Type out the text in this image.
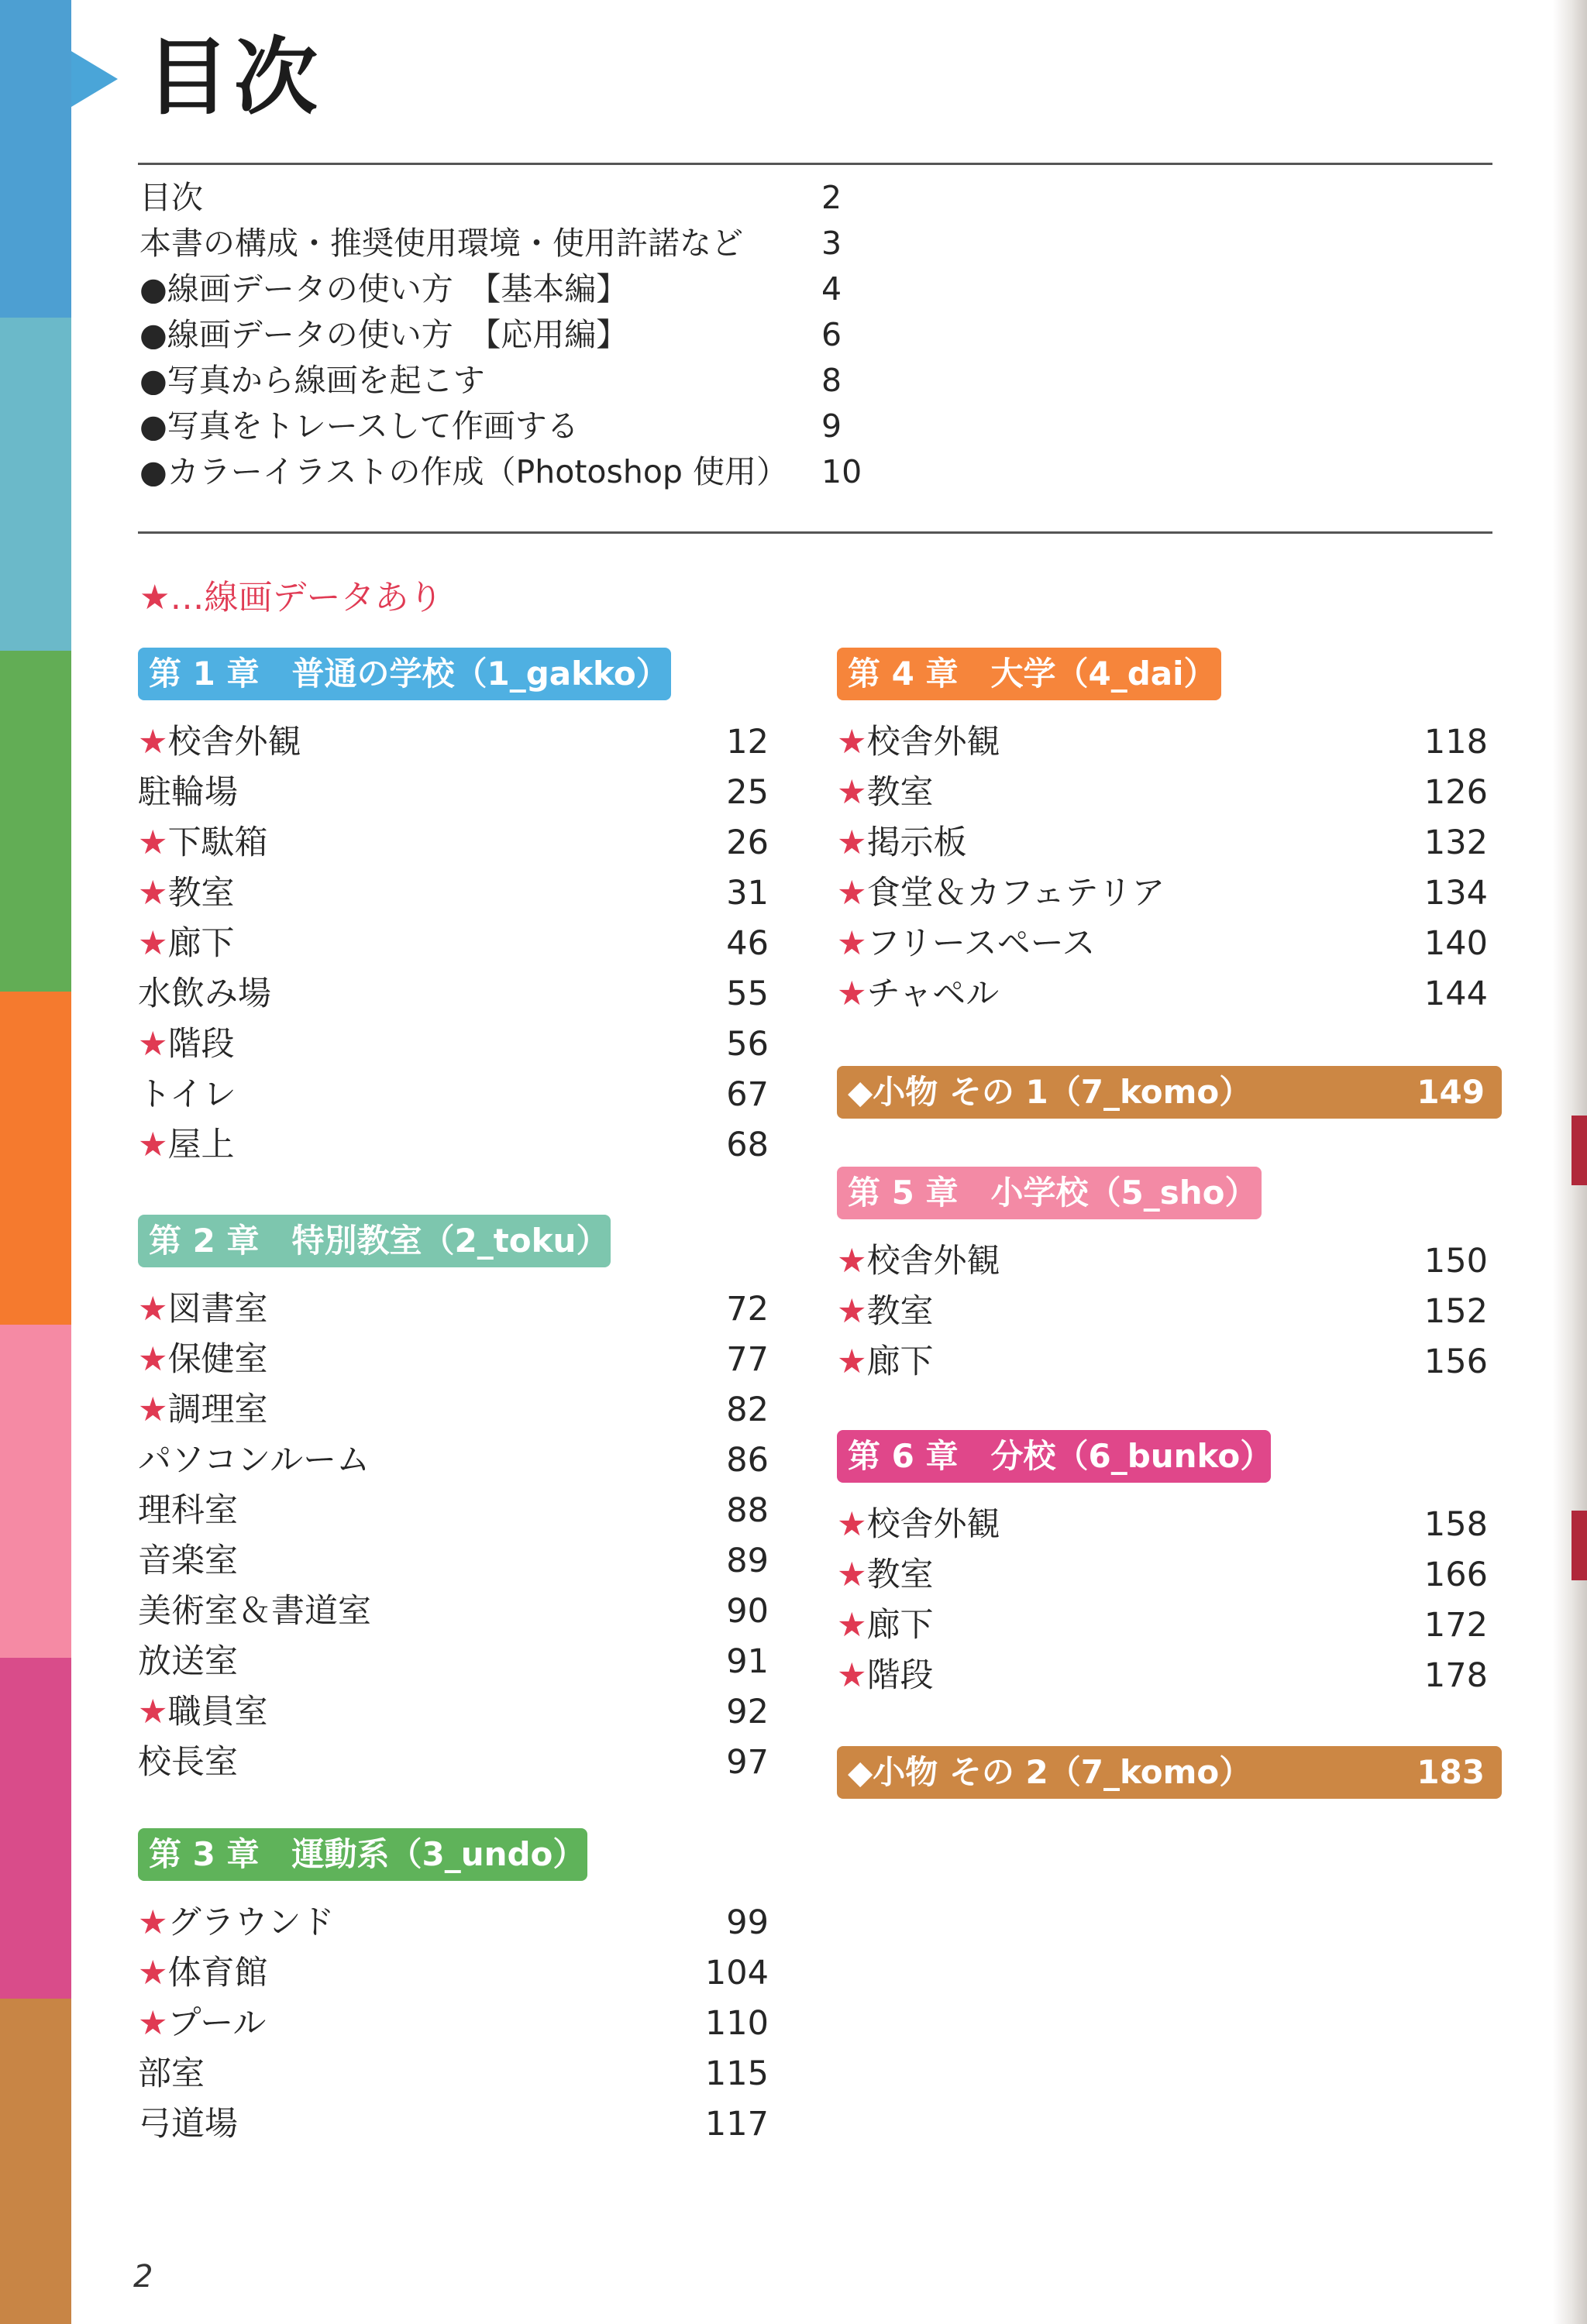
目次
目次	2
本書の構成・推奨使用環境・使用許諾など 3
●線画データの使い方　【基本編】	4
●線画データの使い方　【応用編】	6
●写真から線画を起こす	8
●写真をトレースして作画する	9
●カラーイラストの作成（Photoshop 使用） 10
★…線画データあり
第 1 章　普通の学校（1_gakko）
★校舎外観	12
駐輪場	25
★下駄箱	26
★教室	31
★廊下	46
水飲み場	55
★階段	56
トイレ	67
★屋上	68
第 2 章　特別教室（2_toku）
★図書室	72
★保健室	77
★調理室	82
パソコンルーム	86
理科室	88
音楽室	89
美術室＆書道室	90
放送室	91
★職員室	92
校長室	97
第 3 章　運動系（3_undo）
★グラウンド	99
★体育館	104
★プール	110
部室	115
弓道場	117
第 4 章　大学（4_dai）
★校舎外観	118
★教室	126
★掲示板	132
★食堂＆カフェテリア	134
★フリースペース	140
★チャペル	144
◆小物 その 1（7_komo）	149
第 5 章　小学校（5_sho）
★校舎外観	150
★教室	152
★廊下	156
第 6 章　分校（6_bunko）
★校舎外観	158
★教室	166
★廊下	172
★階段	178
◆小物 その 2（7_komo）	183
2
